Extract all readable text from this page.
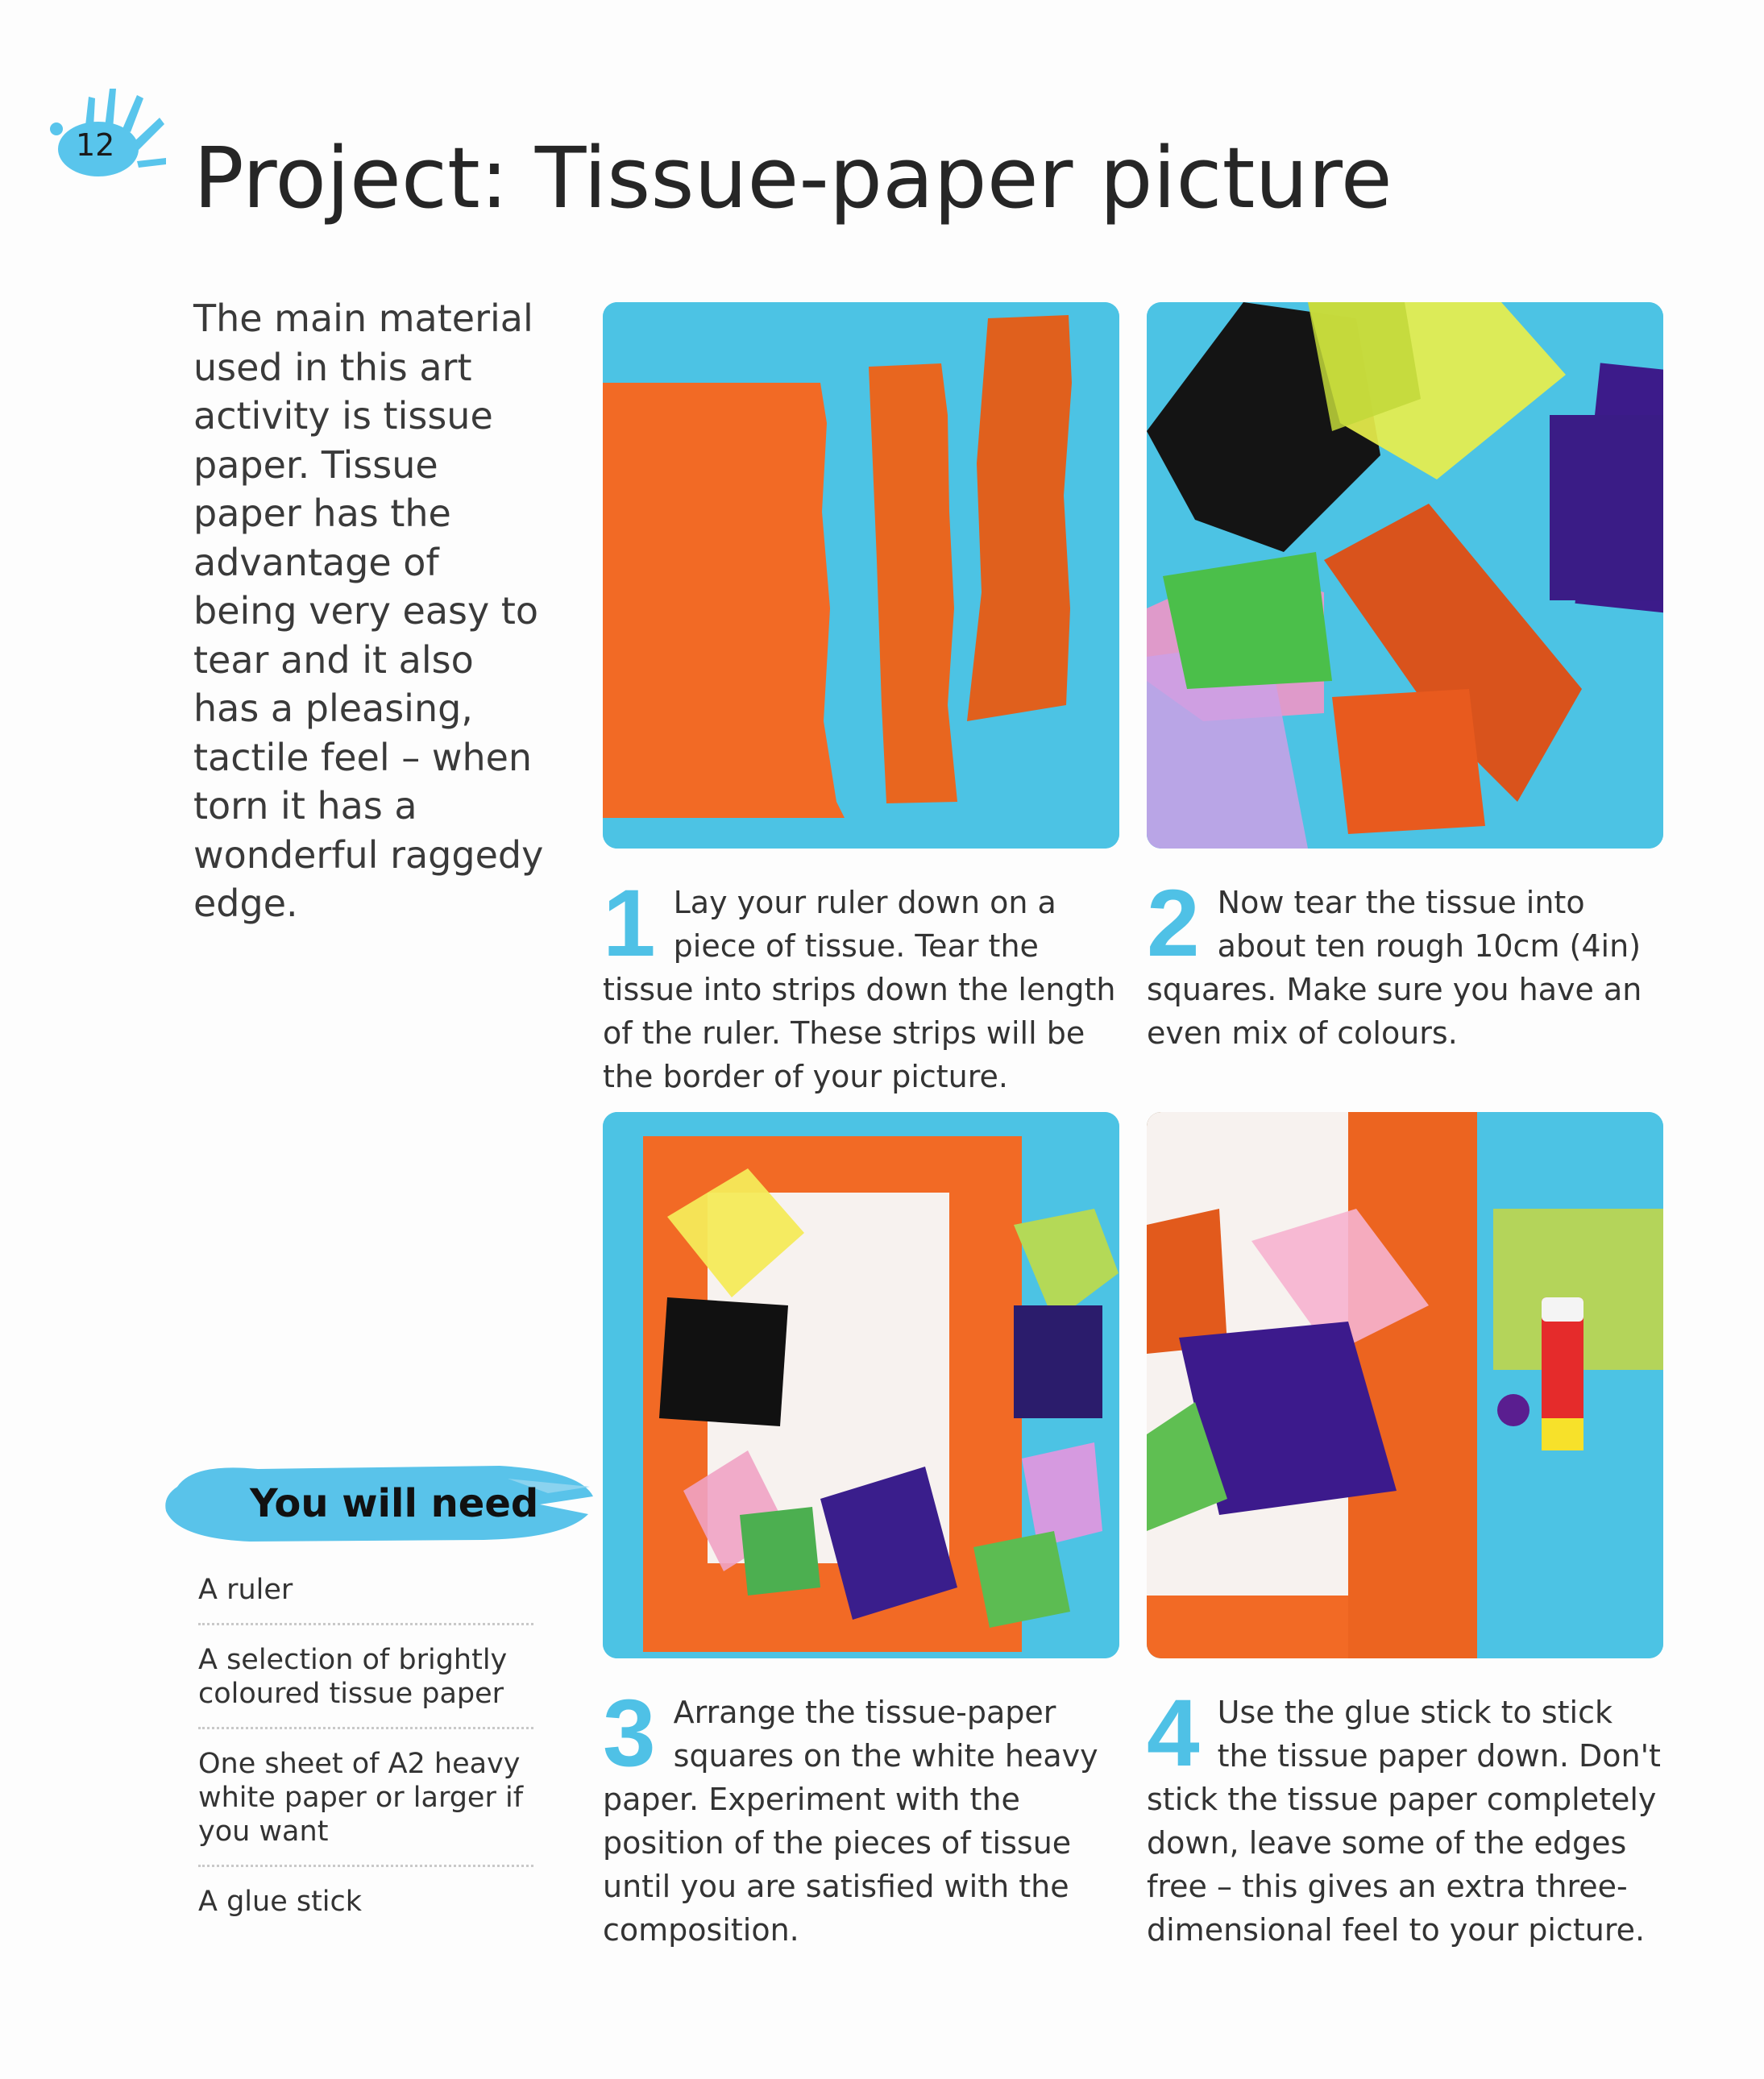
12 Project: Tissue-paper picture
The main material used in this art activity is tissue paper. Tissue paper has the advantage of being very easy to tear and it also has a pleasing, tactile feel – when torn it has a wonderful raggedy edge.	1 Lay your ruler down on a piece of tissue. Tear the tissue into strips down the length of the ruler. These strips will be the border of your picture.
2 Now tear the tissue into about ten rough 10cm (4in) squares. Make sure you have an even mix of colours.
3 Arrange the tissue-paper squares on the white heavy paper. Experiment with the position of the pieces of tissue until you are satisfied with the composition.
4 Use the glue stick to stick the tissue paper down. Don't stick the tissue paper completely down, leave some of the edges free – this gives an extra three-dimensional feel to your picture.
You will need
A ruler
A selection of brightly coloured tissue paper
One sheet of A2 heavy white paper or larger if you want
A glue stick
